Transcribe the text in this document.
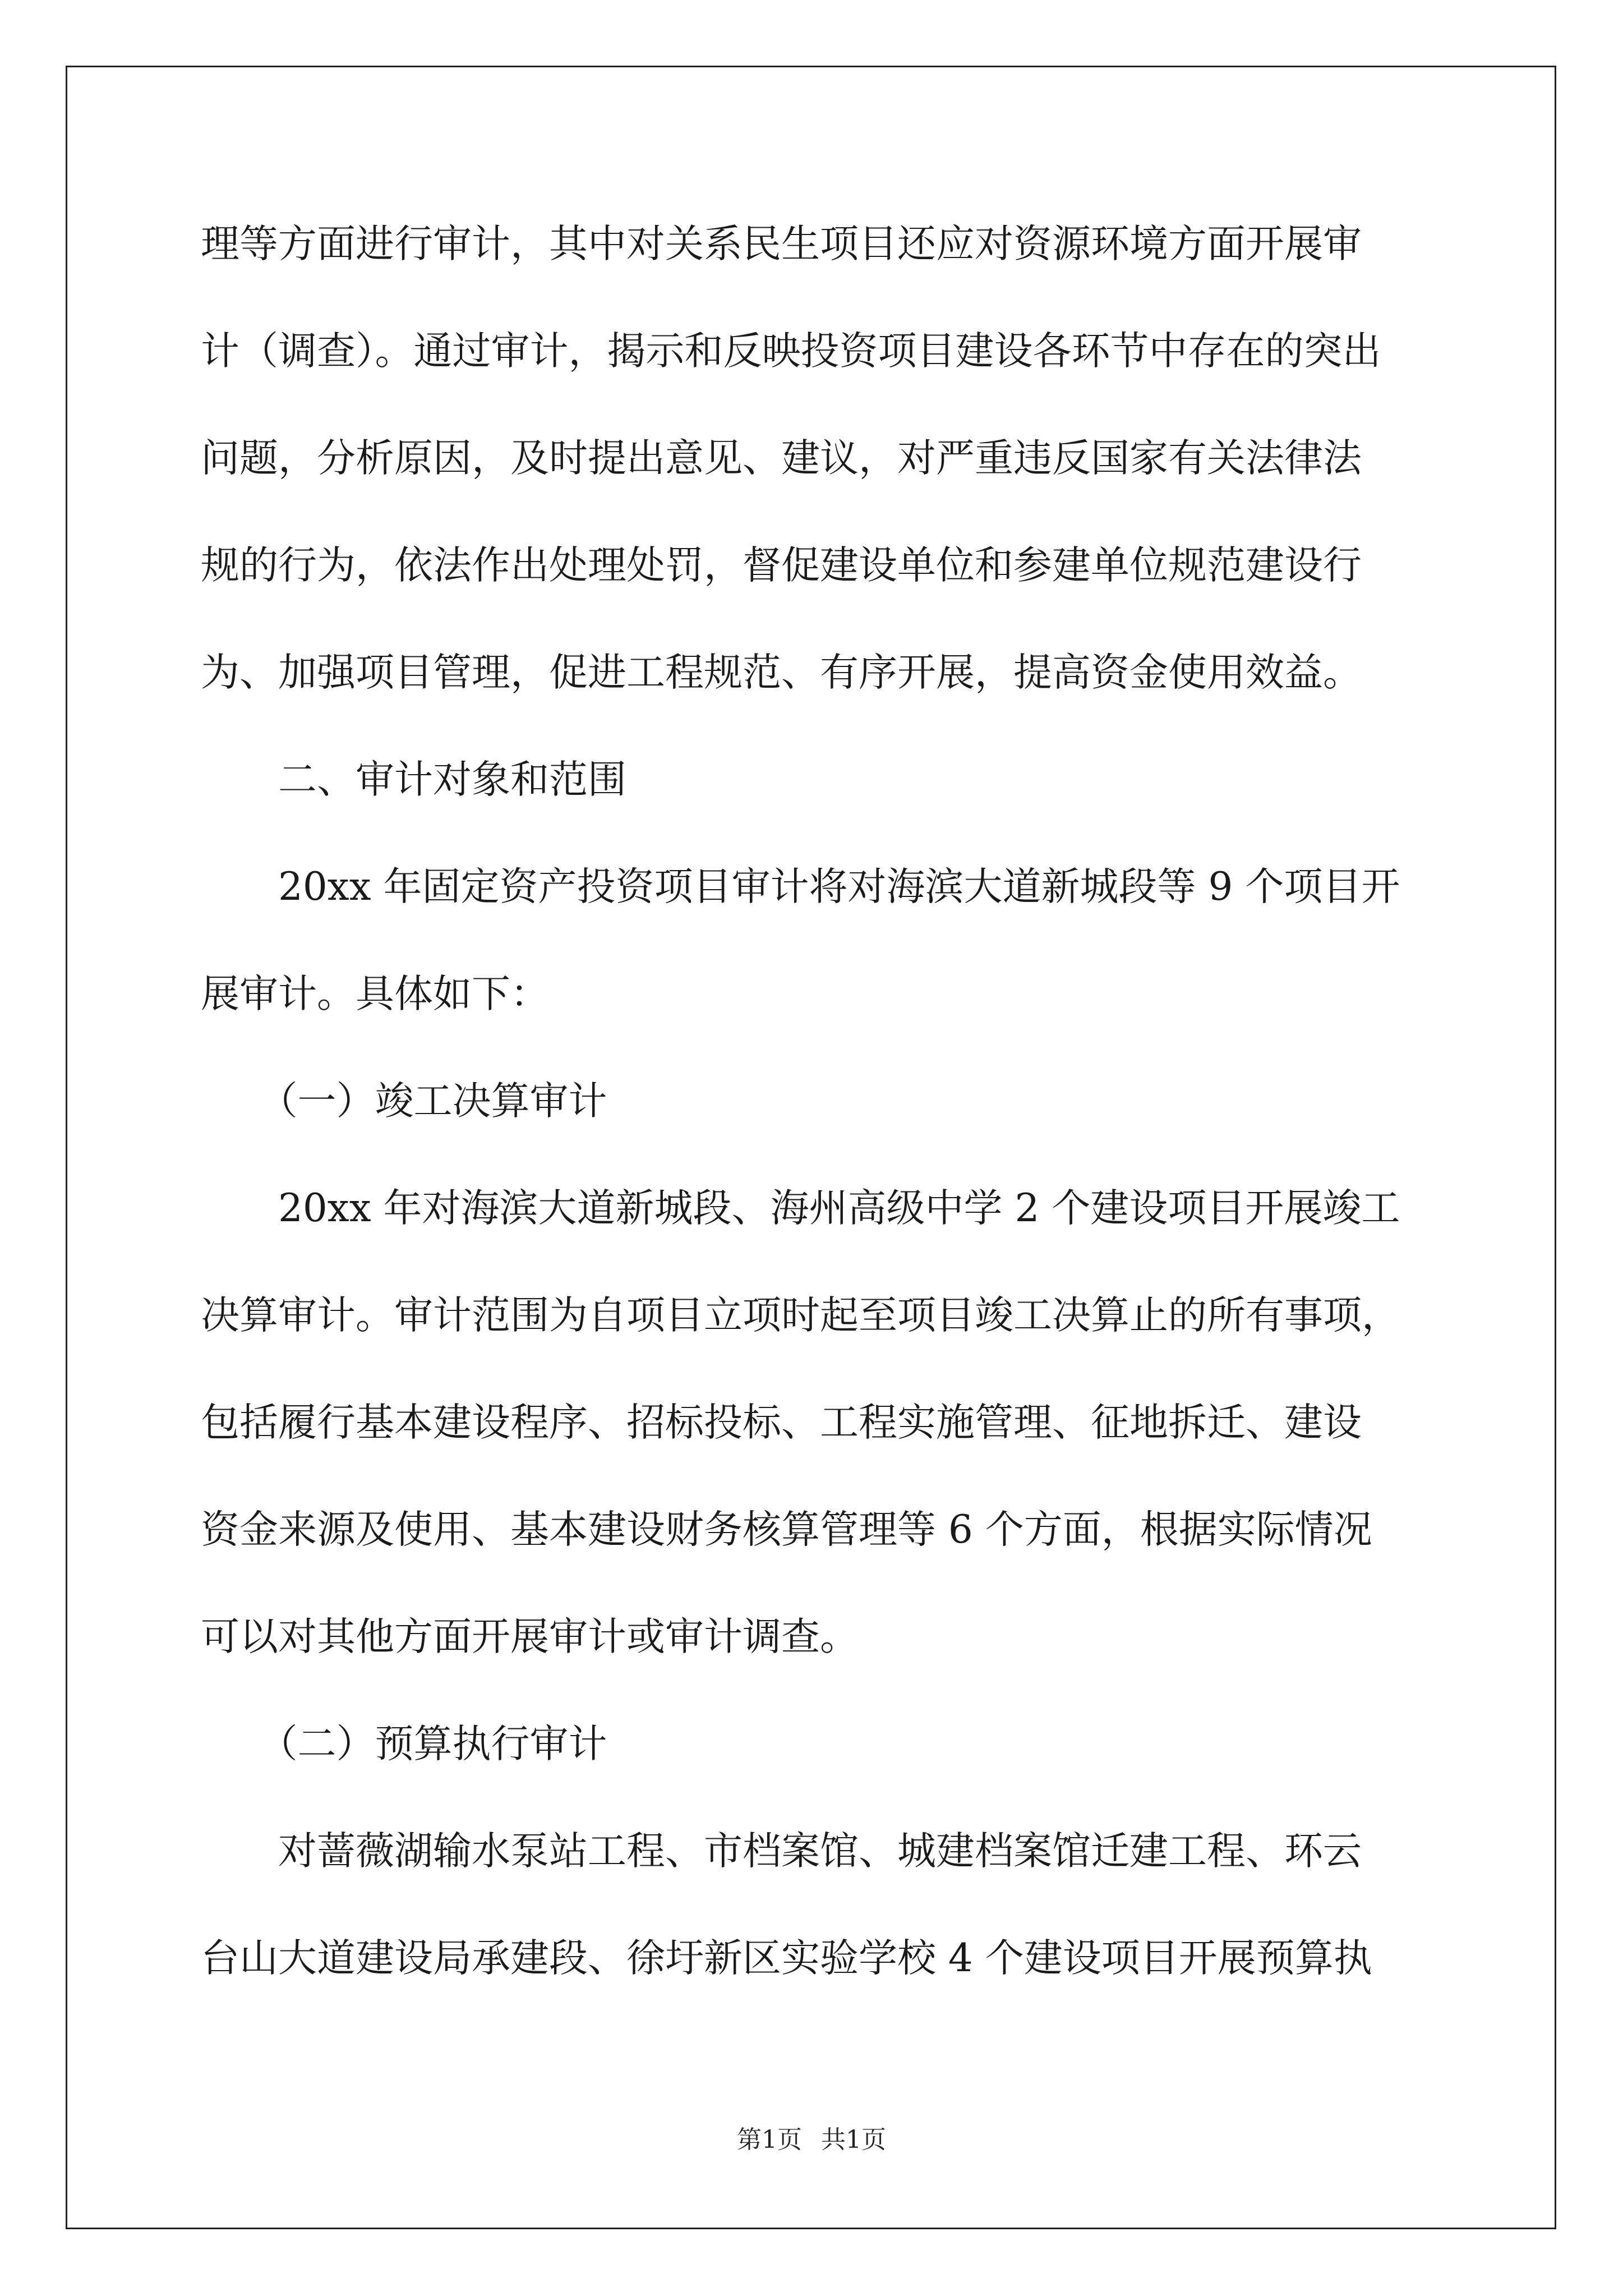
理等方面进行审计，其中对关系民生项目还应对资源环境方面开展审
计（调查）。通过审计，揭示和反映投资项目建设各环节中存在的突出
问题，分析原因，及时提出意见、建议，对严重违反国家有关法律法
规的行为，依法作出处理处罚，督促建设单位和参建单位规范建设行
为、加强项目管理，促进工程规范、有序开展，提高资金使用效益。
　　二、审计对象和范围
　　20xx 年固定资产投资项目审计将对海滨大道新城段等 9 个项目开
展审计。具体如下：
　　（一）竣工决算审计
　　20xx 年对海滨大道新城段、海州高级中学 2 个建设项目开展竣工
决算审计。审计范围为自项目立项时起至项目竣工决算止的所有事项，
包括履行基本建设程序、招标投标、工程实施管理、征地拆迁、建设
资金来源及使用、基本建设财务核算管理等 6 个方面，根据实际情况
可以对其他方面开展审计或审计调查。
　　（二）预算执行审计
　　对蔷薇湖输水泵站工程、市档案馆、城建档案馆迁建工程、环云
台山大道建设局承建段、徐圩新区实验学校 4 个建设项目开展预算执
第1页 共1页
